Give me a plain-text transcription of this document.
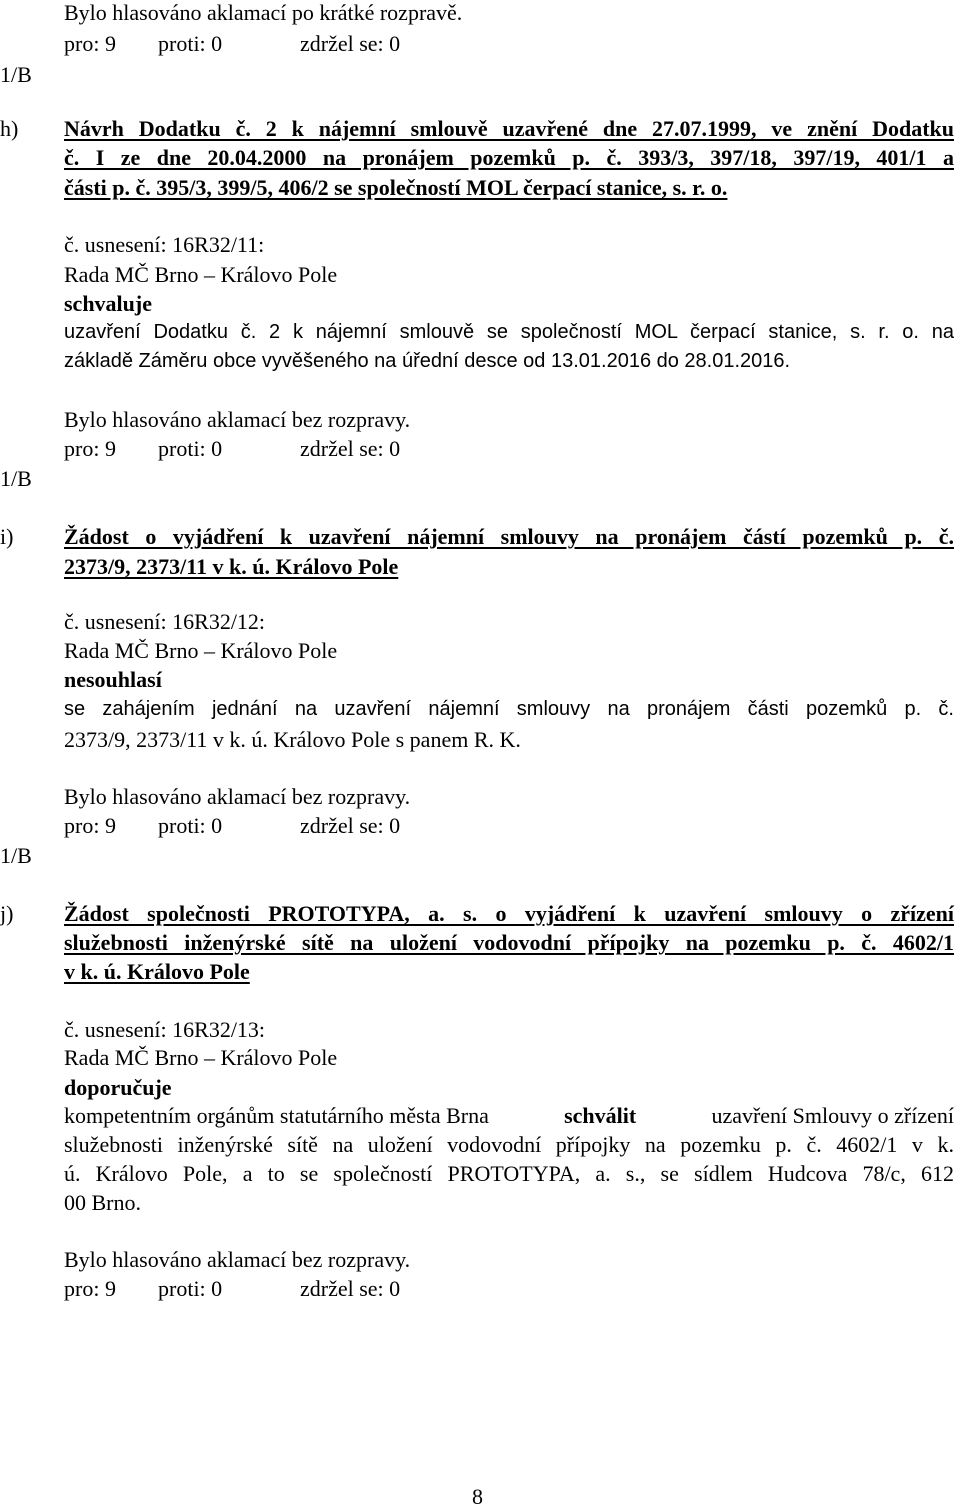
Bylo hlasováno aklamací po krátké rozpravě.
pro: 9 proti: 0	zdržel se: 0
1/B
h) Návrh Dodatku č. 2 k nájemní smlouvě uzavřené dne 27.07.1999, ve znění Dodatku
č. I ze dne 20.04.2000 na pronájem pozemků p. č. 393/3, 397/18, 397/19, 401/1 a
části p. č. 395/3, 399/5, 406/2 se společností MOL čerpací stanice, s. r. o.
č. usnesení: 16R32/11:
Rada MČ Brno – Královo Pole
schvaluje
uzavření Dodatku č. 2 k nájemní smlouvě se společností MOL čerpací stanice, s. r. o. na
základě Záměru obce vyvěšeného na úřední desce od 13.01.2016 do 28.01.2016.
Bylo hlasováno aklamací bez rozpravy.
pro: 9 proti: 0	zdržel se: 0
1/B
i) Žádost o vyjádření k uzavření nájemní smlouvy na pronájem částí pozemků p. č.
2373/9, 2373/11 v k. ú. Královo Pole
č. usnesení: 16R32/12:
Rada MČ Brno – Královo Pole
nesouhlasí
se zahájením jednání na uzavření nájemní smlouvy na pronájem části pozemků p. č.
2373/9, 2373/11 v k. ú. Královo Pole s panem R. K.
Bylo hlasováno aklamací bez rozpravy.
pro: 9 proti: 0	zdržel se: 0
1/B
j) Žádost společnosti PROTOTYPA, a. s. o vyjádření k uzavření smlouvy o zřízení
služebnosti inženýrské sítě na uložení vodovodní přípojky na pozemku p. č. 4602/1
v k. ú. Královo Pole
č. usnesení: 16R32/13:
Rada MČ Brno – Královo Pole
doporučuje
kompetentním orgánům statutárního města Brna	schválit	uzavření Smlouvy o zřízení
služebnosti inženýrské sítě na uložení vodovodní přípojky na pozemku p. č. 4602/1 v k.
ú. Královo Pole, a to se společností PROTOTYPA, a. s., se sídlem Hudcova 78/c, 612
00 Brno.
Bylo hlasováno aklamací bez rozpravy.
pro: 9 proti: 0	zdržel se: 0
8
